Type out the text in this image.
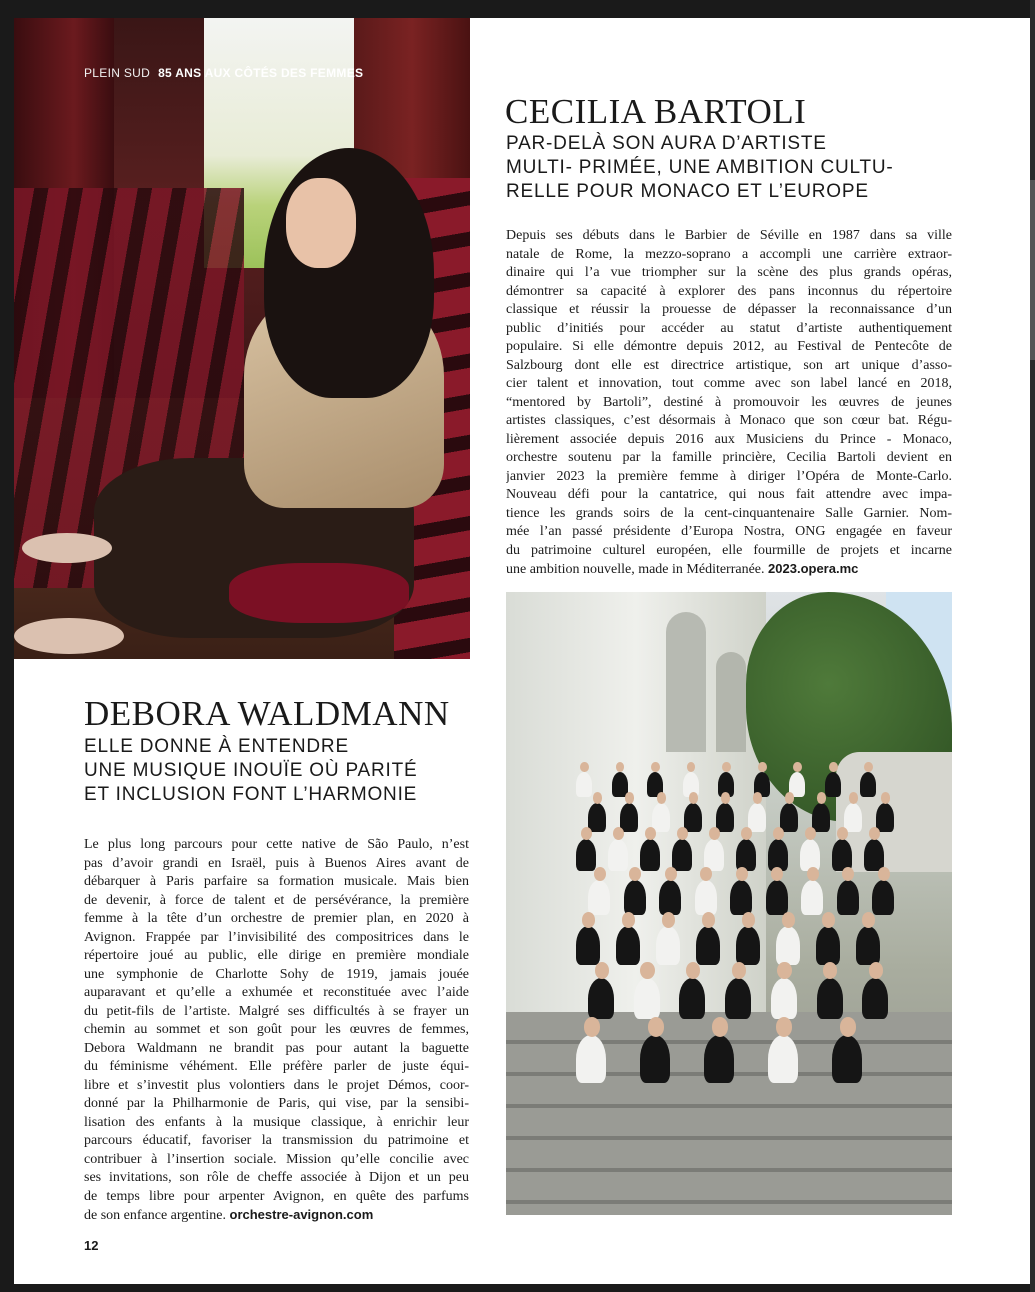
PLEIN SUD 85 ANS AUX CÔTÉS DES FEMMES
CECILIA BARTOLI
PAR-DELÀ SON AURA D’ARTISTE
MULTI- PRIMÉE, UNE AMBITION CULTU-
RELLE POUR MONACO ET L’EUROPE
Depuis ses débuts dans le Barbier de Séville en 1987 dans sa ville
natale de Rome, la mezzo-soprano a accompli une carrière extraor-
dinaire qui l’a vue triompher sur la scène des plus grands opéras,
démontrer sa capacité à explorer des pans inconnus du répertoire
classique et réussir la prouesse de dépasser la reconnaissance d’un
public d’initiés pour accéder au statut d’artiste authentiquement
populaire. Si elle démontre depuis 2012, au Festival de Pentecôte de
Salzbourg dont elle est directrice artistique, son art unique d’asso-
cier talent et innovation, tout comme avec son label lancé en 2018,
“mentored by Bartoli”, destiné à promouvoir les œuvres de jeunes
artistes classiques, c’est désormais à Monaco que son cœur bat. Régu-
lièrement associée depuis 2016 aux Musiciens du Prince - Monaco,
orchestre soutenu par la famille princière, Cecilia Bartoli devient en
janvier 2023 la première femme à diriger l’Opéra de Monte-Carlo.
Nouveau défi pour la cantatrice, qui nous fait attendre avec impa-
tience les grands soirs de la cent-cinquantenaire Salle Garnier. Nom-
mée l’an passé présidente d’Europa Nostra, ONG engagée en faveur
du patrimoine culturel européen, elle fourmille de projets et incarne
une ambition nouvelle, made in Méditerranée. 2023.opera.mc
DEBORA WALDMANN
ELLE DONNE À ENTENDRE
UNE MUSIQUE INOUÏE OÙ PARITÉ
ET INCLUSION FONT L’HARMONIE
Le plus long parcours pour cette native de São Paulo, n’est
pas d’avoir grandi en Israël, puis à Buenos Aires avant de
débarquer à Paris parfaire sa formation musicale. Mais bien
de devenir, à force de talent et de persévérance, la première
femme à la tête d’un orchestre de premier plan, en 2020 à
Avignon. Frappée par l’invisibilité des compositrices dans le
répertoire joué au public, elle dirige en première mondiale
une symphonie de Charlotte Sohy de 1919, jamais jouée
auparavant et qu’elle a exhumée et reconstituée avec l’aide
du petit-fils de l’artiste. Malgré ses difficultés à se frayer un
chemin au sommet et son goût pour les œuvres de femmes,
Debora Waldmann ne brandit pas pour autant la baguette
du féminisme véhément. Elle préfère parler de juste équi-
libre et s’investit plus volontiers dans le projet Démos, coor-
donné par la Philharmonie de Paris, qui vise, par la sensibi-
lisation des enfants à la musique classique, à enrichir leur
parcours éducatif, favoriser la transmission du patrimoine et
contribuer à l’insertion sociale. Mission qu’elle concilie avec
ses invitations, son rôle de cheffe associée à Dijon et un peu
de temps libre pour arpenter Avignon, en quête des parfums
de son enfance argentine. orchestre-avignon.com
12
